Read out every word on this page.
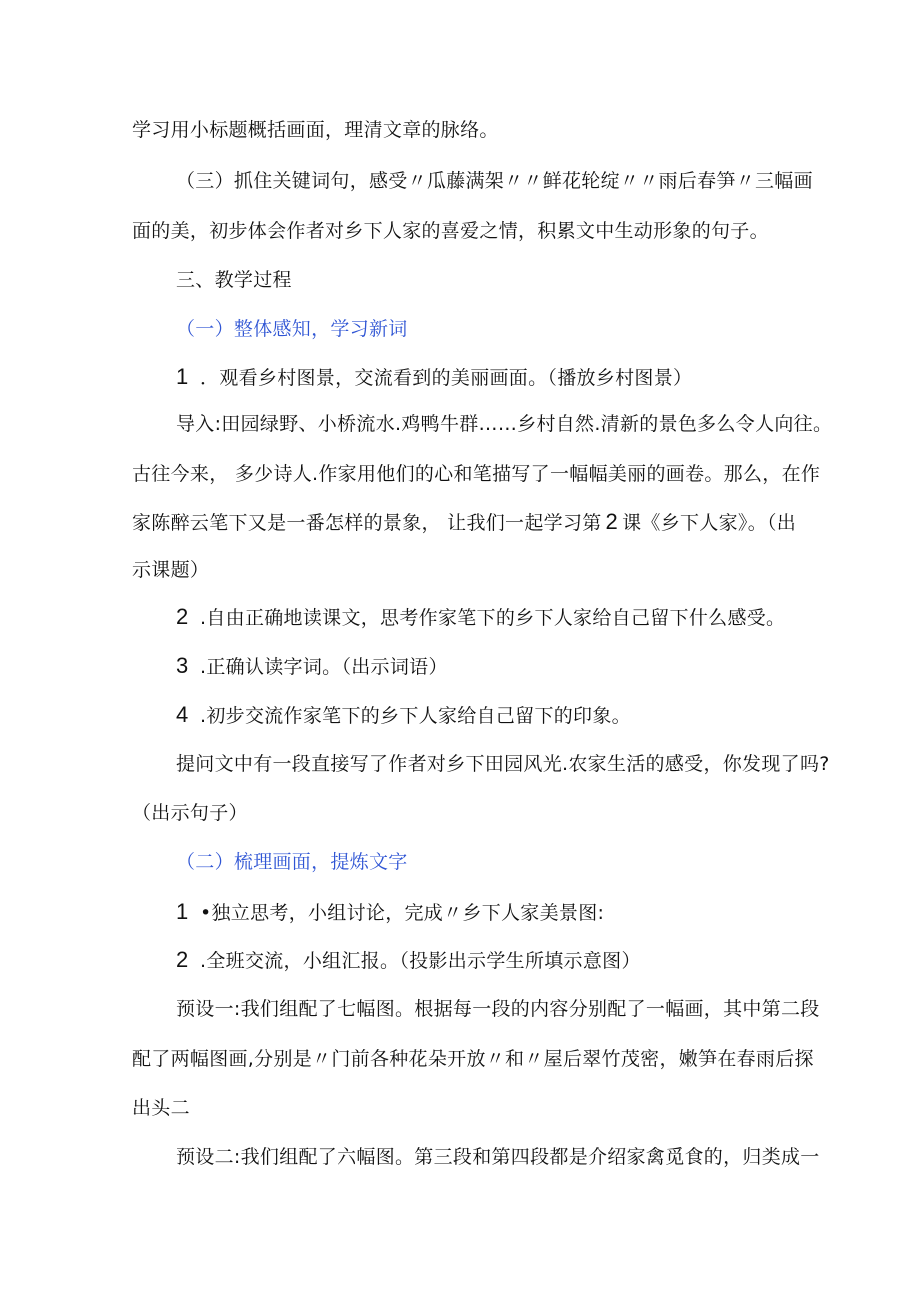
学习用小标题概括画面，理清文章的脉络。
（三）抓住关键词句，感受〃瓜藤满架〃〃鲜花轮绽〃〃雨后春笋〃三幅画
面的美，初步体会作者对乡下人家的喜爱之情，积累文中生动形象的句子。
三、教学过程
（一）整体感知，学习新词
1 ．观看乡村图景，交流看到的美丽画面。（播放乡村图景）
导入:田园绿野、小桥流水.鸡鸭牛群……乡村自然.清新的景色多么令人向往。
古往今来， 多少诗人.作家用他们的心和笔描写了一幅幅美丽的画卷。那么，在作
家陈醉云笔下又是一番怎样的景象， 让我们一起学习第 2 课《乡下人家》。（出
示课题）
2 .自由正确地读课文，思考作家笔下的乡下人家给自己留下什么感受。
3 .正确认读字词。（出示词语）
4 .初步交流作家笔下的乡下人家给自己留下的印象。
提问文中有一段直接写了作者对乡下田园风光.农家生活的感受，你发现了吗?
（出示句子）
（二）梳理画面，提炼文字
1 •独立思考，小组讨论，完成〃乡下人家美景图:
2 .全班交流，小组汇报。（投影出示学生所填示意图）
预设一:我们组配了七幅图。根据每一段的内容分别配了一幅画，其中第二段
配了两幅图画,分别是〃门前各种花朵开放〃和〃屋后翠竹茂密，嫩笋在春雨后探
出头二
预设二:我们组配了六幅图。第三段和第四段都是介绍家禽觅食的，归类成一
